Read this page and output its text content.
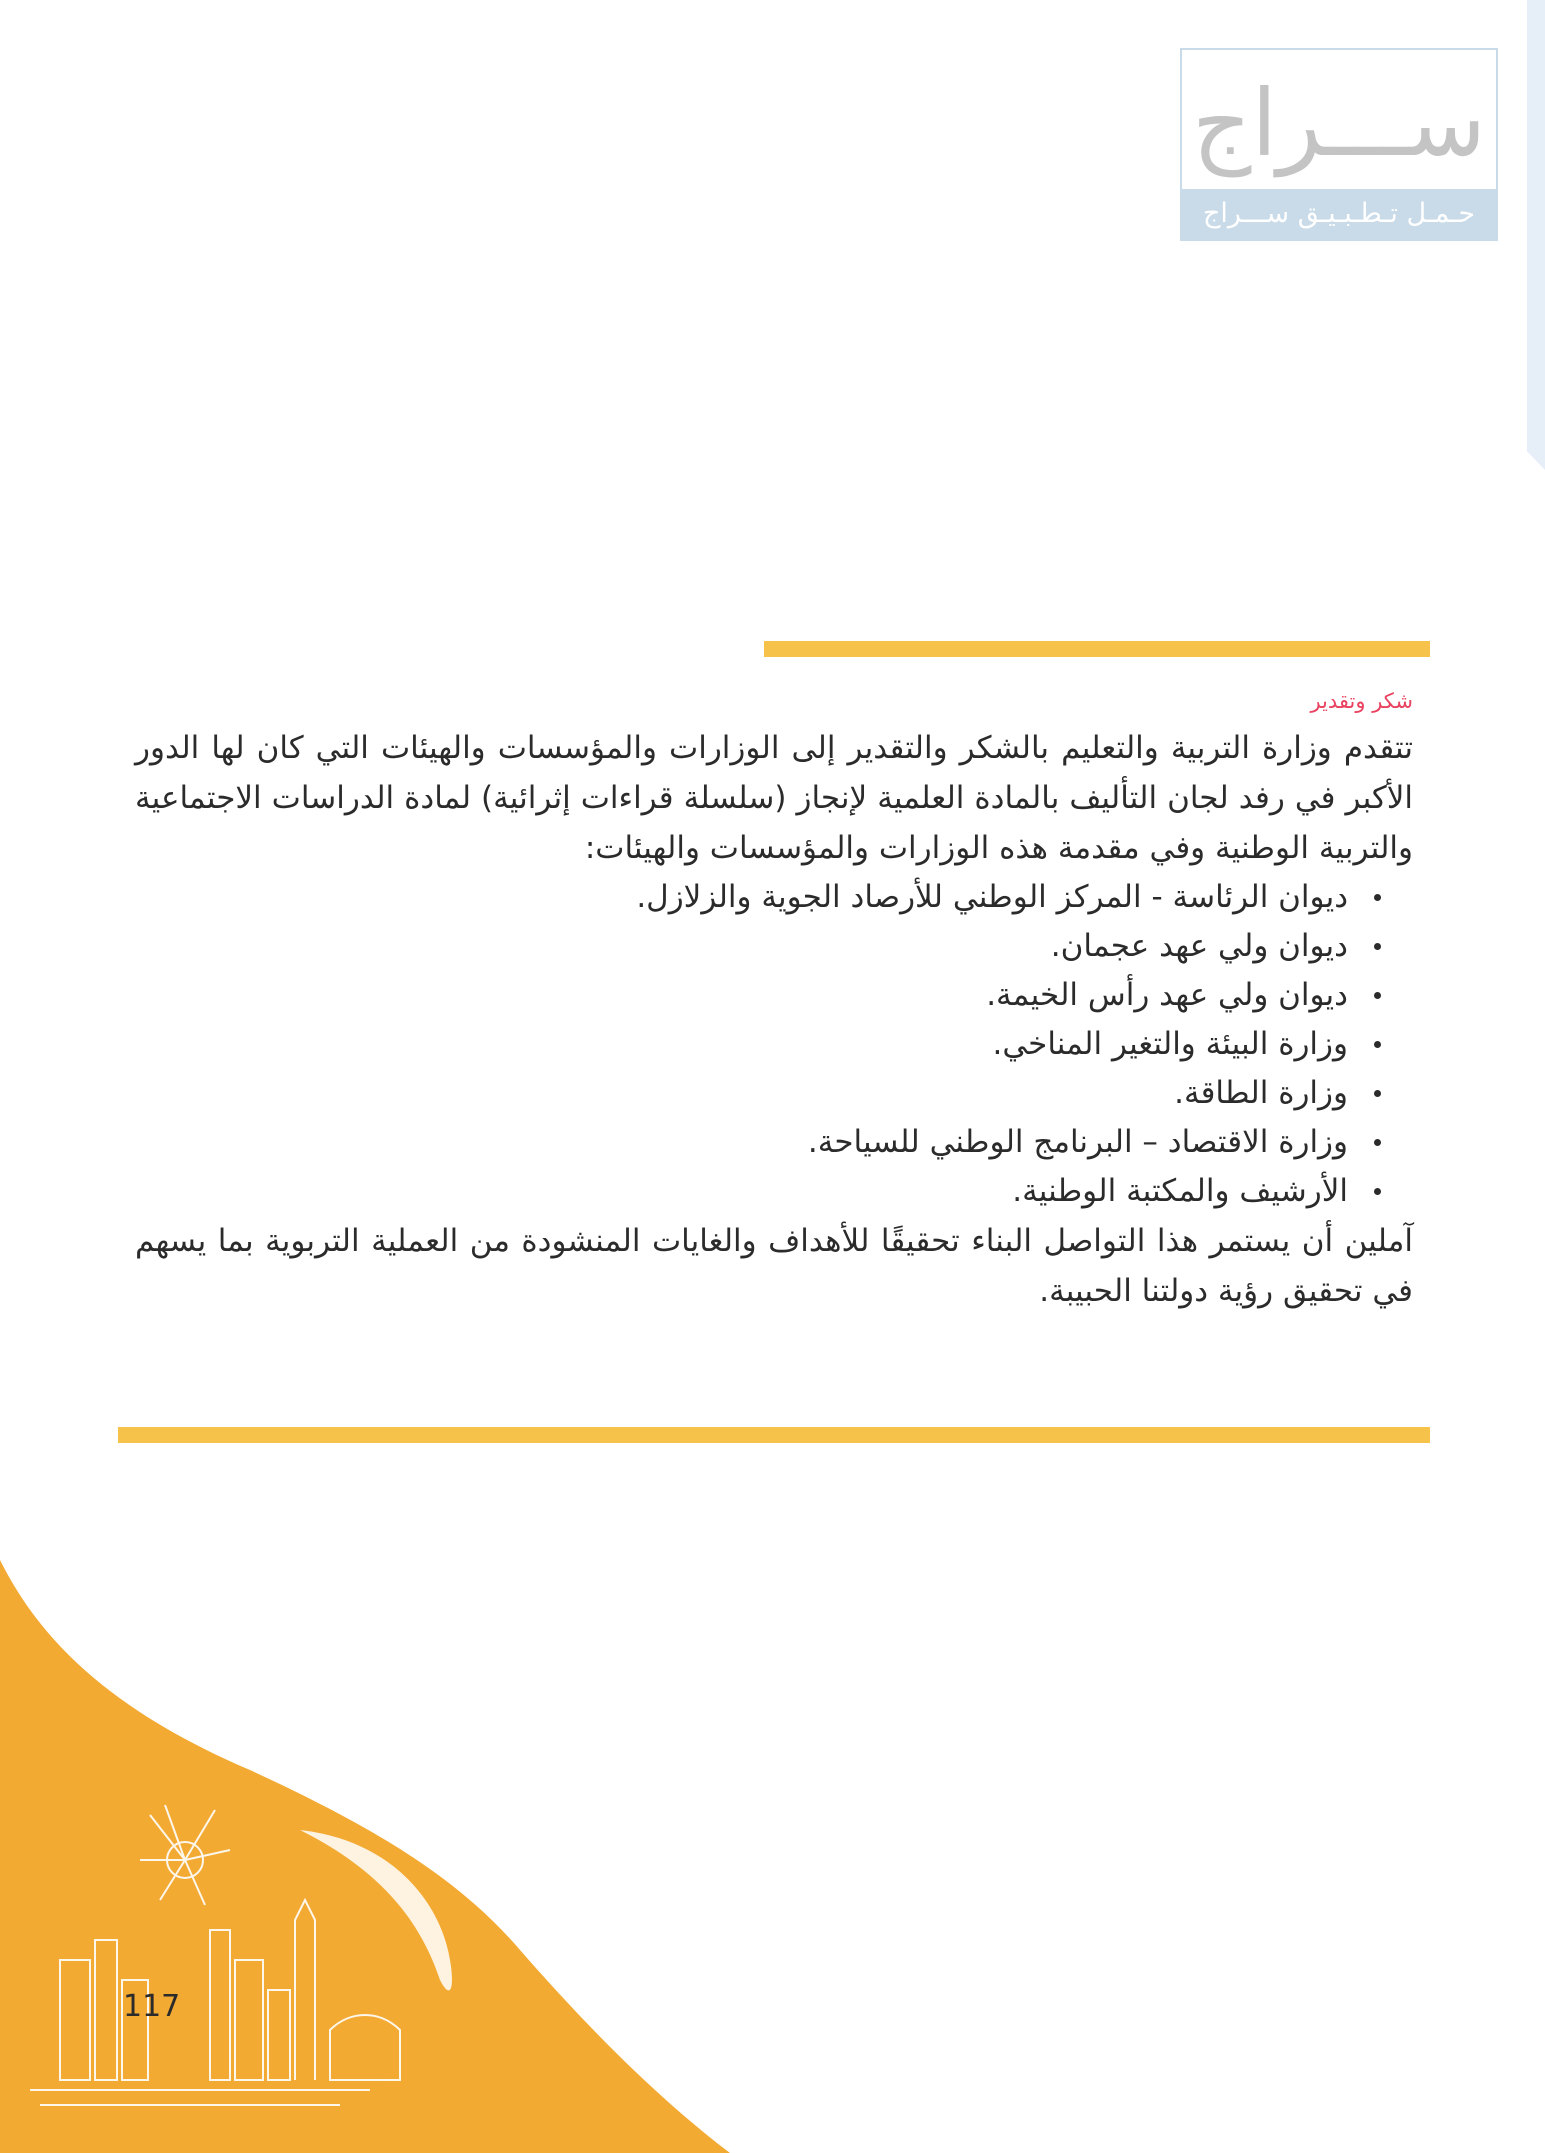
ســـراج
حـمـل تـطـبـيـق ســـراج
شكر وتقدير

تتقدم وزارة التربية والتعليم بالشكر والتقدير إلى الوزارات والمؤسسات والهيئات التي كان لها الدور الأكبر في رفد لجان التأليف بالمادة العلمية لإنجاز (سلسلة قراءات إثرائية) لمادة الدراسات الاجتماعية والتربية الوطنية وفي مقدمة هذه الوزارات والمؤسسات والهيئات:

ديوان الرئاسة - المركز الوطني للأرصاد الجوية والزلازل.
ديوان ولي عهد عجمان.
ديوان ولي عهد رأس الخيمة.
وزارة البيئة والتغير المناخي.
وزارة الطاقة.
وزارة الاقتصاد – البرنامج الوطني للسياحة.
الأرشيف والمكتبة الوطنية.

آملين أن يستمر هذا التواصل البناء تحقيقًا للأهداف والغايات المنشودة من العملية التربوية بما يسهم في تحقيق رؤية دولتنا الحبيبة.

117
